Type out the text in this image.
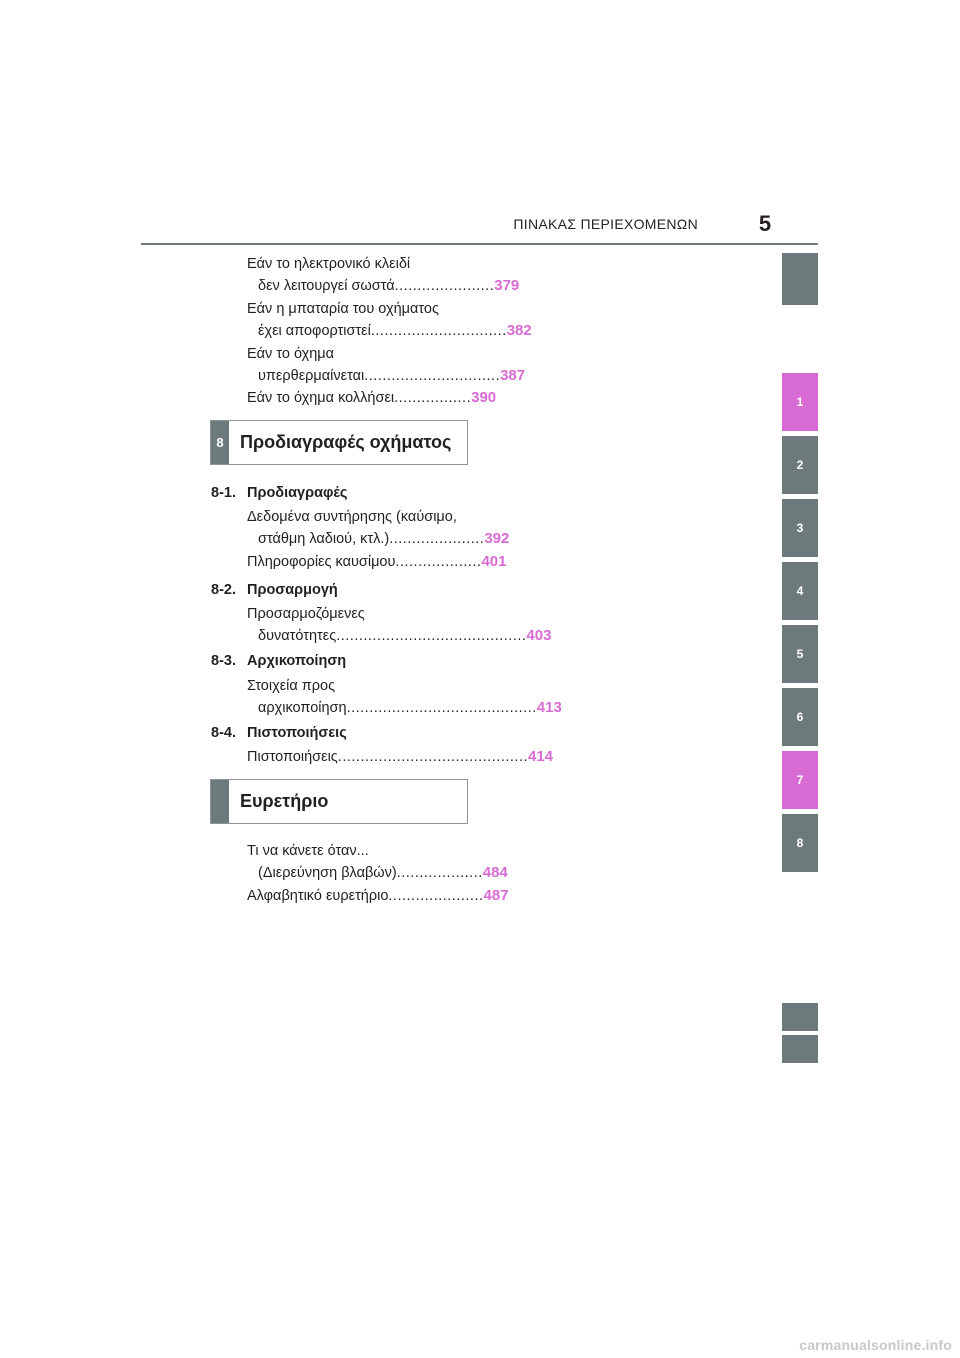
ΠΙΝΑΚΑΣ ΠΕΡΙΕΧΟΜΕΝΩΝ	5
Εάν το ηλεκτρονικό κλειδί
δεν λειτουργεί σωστά ...................... 379
Εάν η μπαταρία του οχήματος
έχει αποφορτιστεί .............................. 382
Εάν το όχημα
υπερθερμαίνεται .............................. 387
Εάν το όχημα κολλήσει ................. 390
8 Προδιαγραφές οχήματος
8-1. Προδιαγραφές
Δεδομένα συντήρησης (καύσιμο,
στάθμη λαδιού, κτλ.) ..................... 392
Πληροφορίες καυσίμου ................... 401
8-2. Προσαρμογή
Προσαρμοζόμενες
δυνατότητες .......................................... 403
8-3. Αρχικοποίηση
Στοιχεία προς
αρχικοποίηση .......................................... 413
8-4. Πιστοποιήσεις
Πιστοποιήσεις .......................................... 414
Ευρετήριο
Τι να κάνετε όταν...
(Διερεύνηση βλαβών) ................... 484
Αλφαβητικό ευρετήριο ..................... 487
1
2
3
4
5
6
7
8
carmanualsonline.info
